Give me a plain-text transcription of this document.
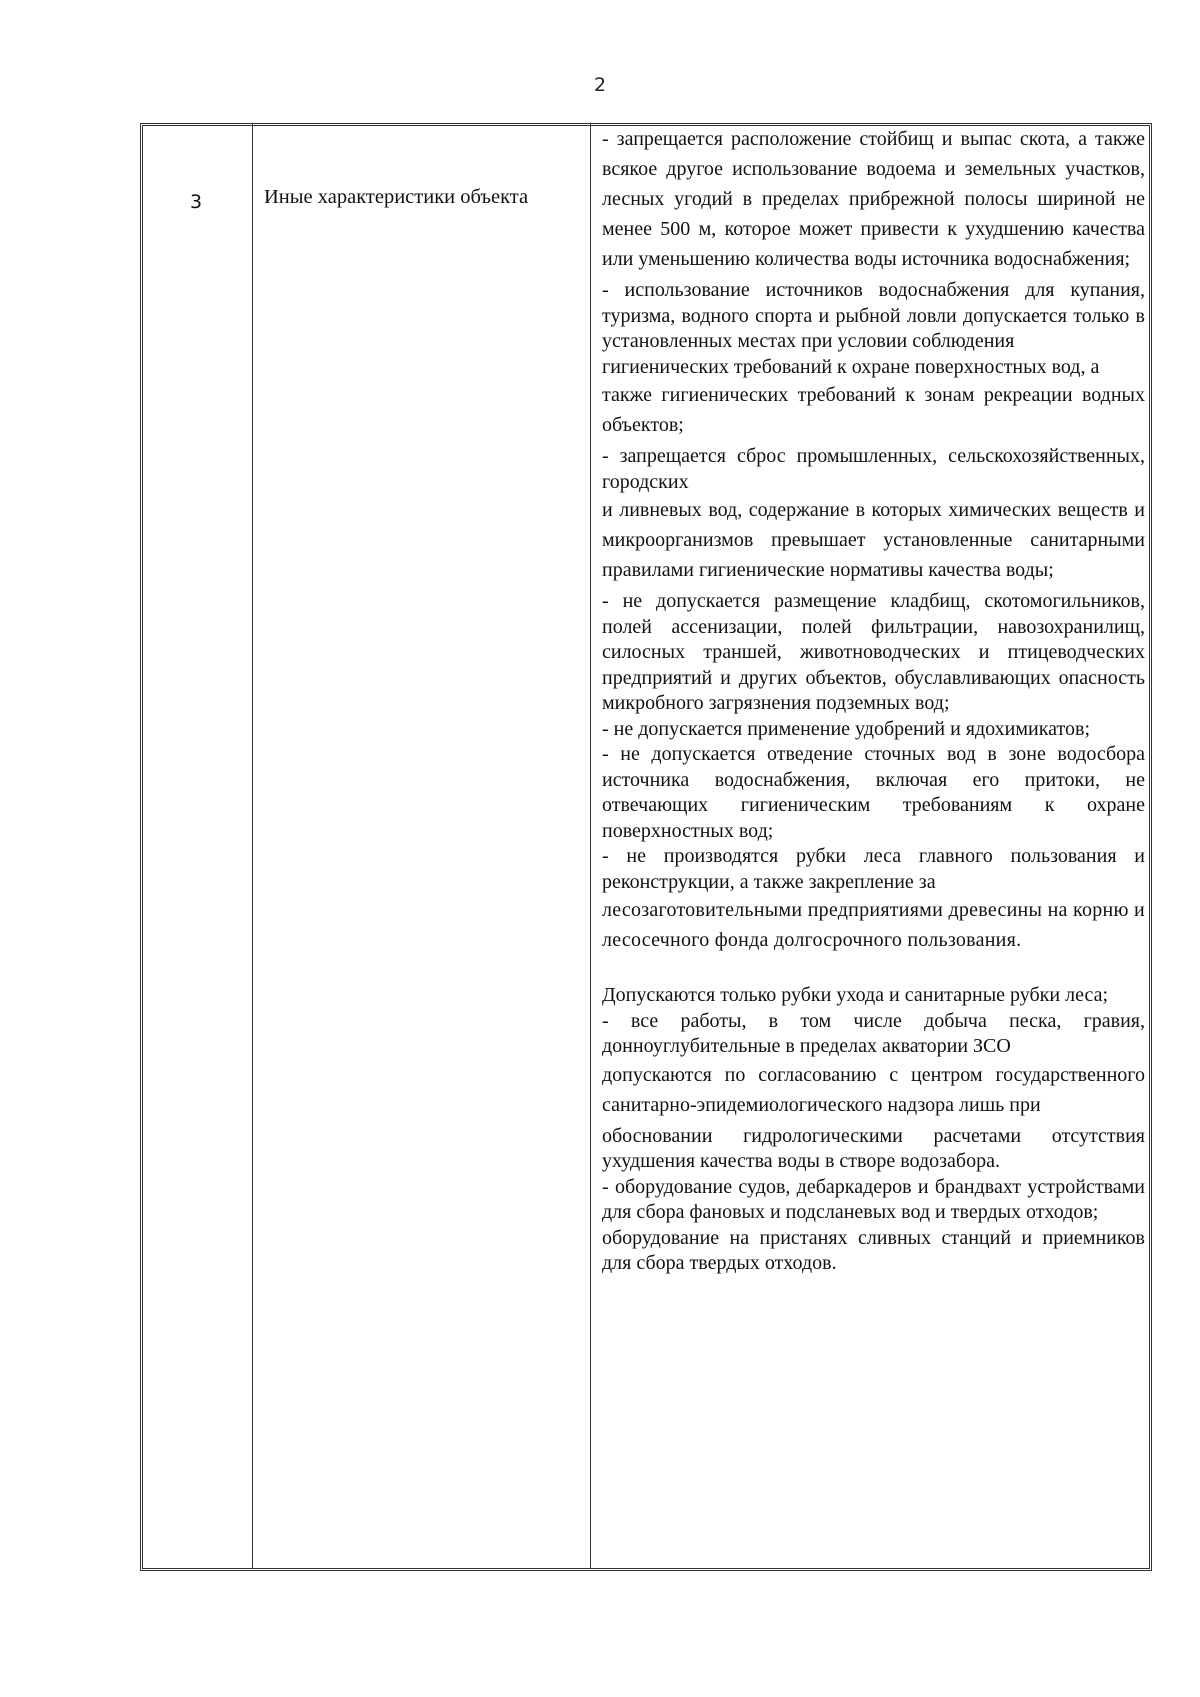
2
3	Иные характеристики объекта

- запрещается расположение стойбищ и выпас скота, а также всякое другое использование водоема и земельных участков, лесных угодий в пределах прибрежной полосы шириной не менее 500 м, которое может привести к ухудшению качества или уменьшению количества воды источника водоснабжения;

- использование источников водоснабжения для купания, туризма, водного спорта и рыбной ловли допускается только в установленных местах при условии соблюдения

гигиенических требований к охране поверхностных вод, а

также гигиенических требований к зонам рекреации водных объектов;

- запрещается сброс промышленных, сельскохозяйственных, городских

и ливневых вод, содержание в которых химических веществ и микроорганизмов превышает установленные санитарными правилами гигиенические нормативы качества воды;

- не допускается размещение кладбищ, скотомогильников, полей ассенизации, полей фильтрации, навозохранилищ, силосных траншей, животноводческих и птицеводческих предприятий и других объектов, обуславливающих опасность микробного загрязнения подземных вод;

- не допускается применение удобрений и ядохимикатов;

- не допускается отведение сточных вод в зоне водосбора источника водоснабжения, включая его притоки, не отвечающих гигиеническим требованиям к охране поверхностных вод;

- не производятся рубки леса главного пользования и реконструкции, а также закрепление за

лесозаготовительными предприятиями древесины на корню и лесосечного фонда долгосрочного пользования.

Допускаются только рубки ухода и санитарные рубки леса;

- все работы, в том числе добыча песка, гравия, донноуглубительные в пределах акватории ЗСО

допускаются по согласованию с центром государственного санитарно-эпидемиологического надзора лишь при

обосновании гидрологическими расчетами отсутствия ухудшения качества воды в створе водозабора.

- оборудование судов, дебаркадеров и брандвахт устройствами для сбора фановых и подсланевых вод и твердых отходов;

оборудование на пристанях сливных станций и приемников для сбора твердых отходов.
